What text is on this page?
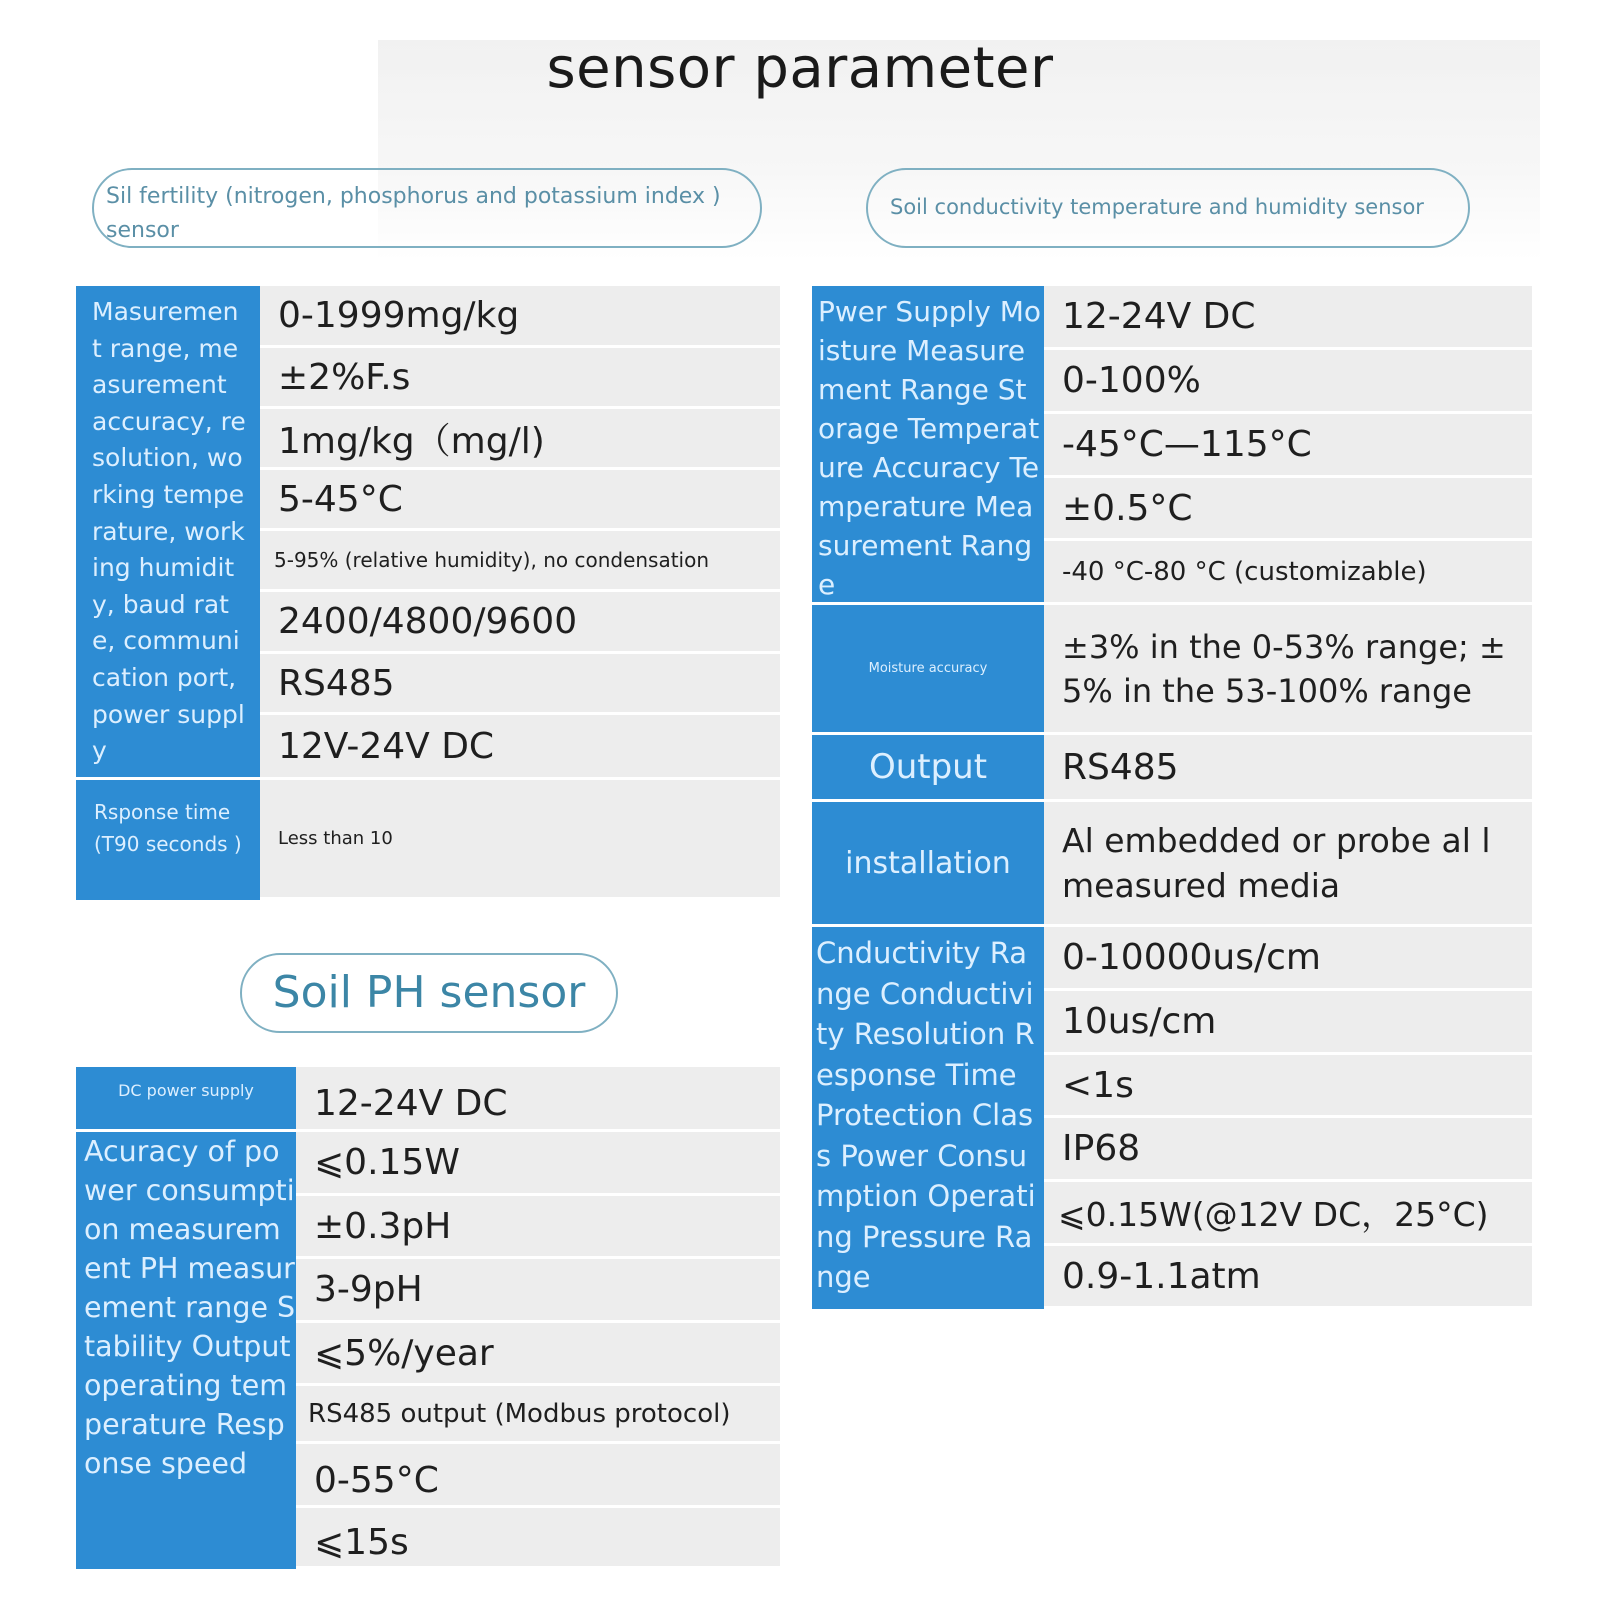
sensor parameter
Sil fertility (nitrogen, phosphorus and potassium index ) sensor
Masurement range, measurement accuracy, resolution, working temperature, working humidity, baud rate, communication port, power supply
Rsponse time (T90 seconds )
0-1999mg/kg
±2%F.s
1mg/kg（mg/l)
5-45°C
5-95% (relative humidity), no condensation
2400/4800/9600
RS485
12V-24V DC
Less than 10
Soil conductivity temperature and humidity sensor
Pwer Supply Moisture Measurement Range Storage Temperature Accuracy Temperature Measurement Range
Moisture accuracy
Output
installation
Cnductivity Range Conductivity Resolution Response Time Protection Class Power Consumption Operating Pressure Range
12-24V DC
0-100%
-45°C—115°C
±0.5°C
-40 °C-80 °C (customizable)
±3% in the 0-53% range; ± 5% in the 53-100% range
RS485
Al embedded or probe al l measured media
0-10000us/cm
10us/cm
<1s
IP68
⩽0.15W(@12V DC，25°C)
0.9-1.1atm
Soil PH sensor
DC power supply
Acuracy of power consumption measurement PH measurement range Stability Output operating temperature Response speed
12-24V DC
⩽0.15W
±0.3pH
3-9pH
⩽5%/year
RS485 output (Modbus protocol)
0-55°C
⩽15s
